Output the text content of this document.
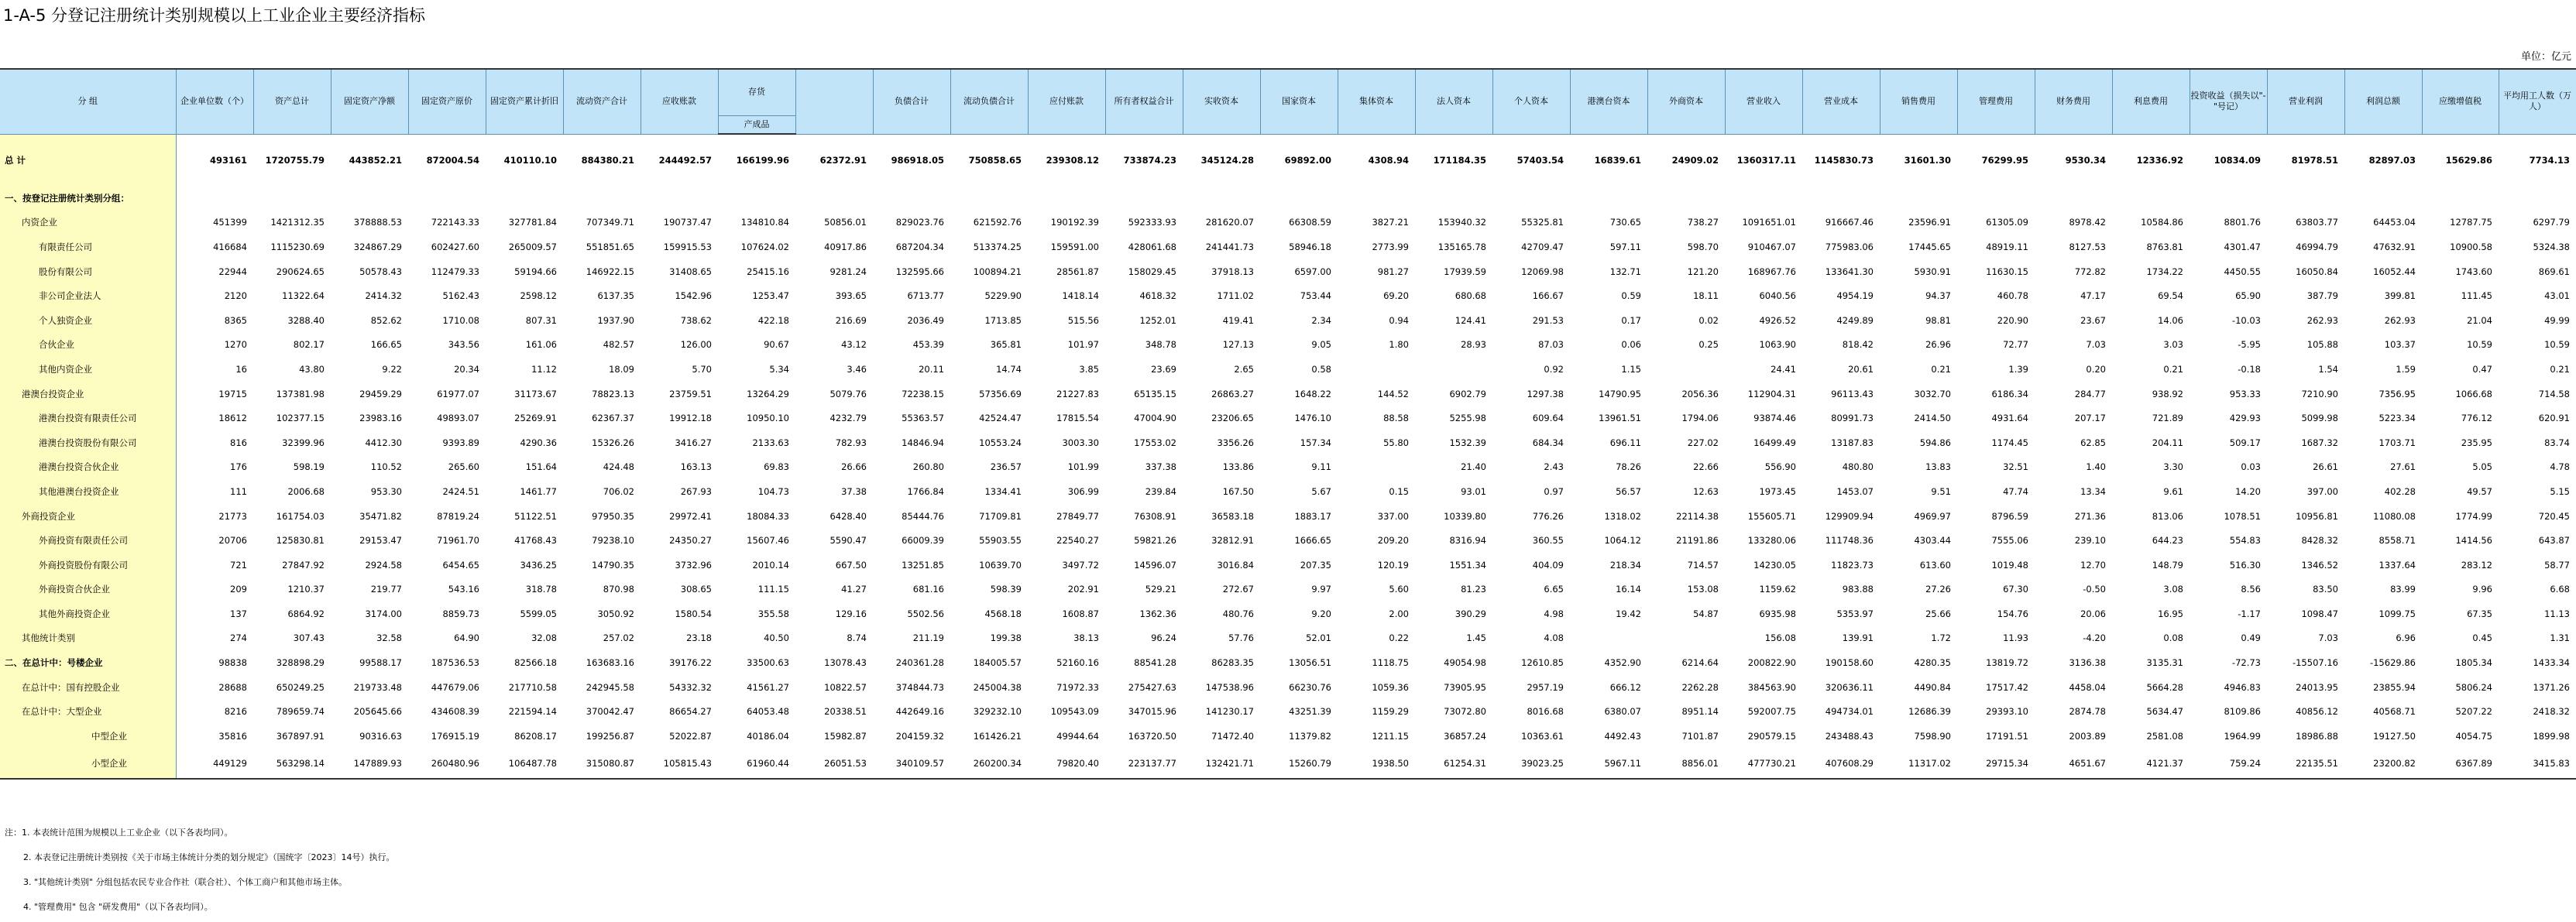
1-A-5 分登记注册统计类别规模以上工业企业主要经济指标
单位：亿元
分 组	企业单位数（个）	资产总计	固定资产净额	固定资产原价	固定资产累计折旧	流动资产合计	应收账款	存货		负债合计	流动负债合计	应付账款	所有者权益合计	实收资本	国家资本	集体资本	法人资本	个人资本	港澳台资本	外商资本	营业收入	营业成本	销售费用	管理费用	财务费用	利息费用	投资收益（损失以"-"号记）	营业利润	利润总额	应缴增值税	平均用工人数（万人）

								产成品																							
总 计	493161	1720755.79	443852.21	872004.54	410110.10	884380.21	244492.57	166199.96	62372.91	986918.05	750858.65	239308.12	733874.23	345124.28	69892.00	4308.94	171184.35	57403.54	16839.61	24909.02	1360317.11	1145830.73	31601.30	76299.95	9530.34	12336.92	10834.09	81978.51	82897.03	15629.86	7734.13
一、按登记注册统计类别分组：																															
内资企业	451399	1421312.35	378888.53	722143.33	327781.84	707349.71	190737.47	134810.84	50856.01	829023.76	621592.76	190192.39	592333.93	281620.07	66308.59	3827.21	153940.32	55325.81	730.65	738.27	1091651.01	916667.46	23596.91	61305.09	8978.42	10584.86	8801.76	63803.77	64453.04	12787.75	6297.79
有限责任公司	416684	1115230.69	324867.29	602427.60	265009.57	551851.65	159915.53	107624.02	40917.86	687204.34	513374.25	159591.00	428061.68	241441.73	58946.18	2773.99	135165.78	42709.47	597.11	598.70	910467.07	775983.06	17445.65	48919.11	8127.53	8763.81	4301.47	46994.79	47632.91	10900.58	5324.38
股份有限公司	22944	290624.65	50578.43	112479.33	59194.66	146922.15	31408.65	25415.16	9281.24	132595.66	100894.21	28561.87	158029.45	37918.13	6597.00	981.27	17939.59	12069.98	132.71	121.20	168967.76	133641.30	5930.91	11630.15	772.82	1734.22	4450.55	16050.84	16052.44	1743.60	869.61
非公司企业法人	2120	11322.64	2414.32	5162.43	2598.12	6137.35	1542.96	1253.47	393.65	6713.77	5229.90	1418.14	4618.32	1711.02	753.44	69.20	680.68	166.67	0.59	18.11	6040.56	4954.19	94.37	460.78	47.17	69.54	65.90	387.79	399.81	111.45	43.01
个人独资企业	8365	3288.40	852.62	1710.08	807.31	1937.90	738.62	422.18	216.69	2036.49	1713.85	515.56	1252.01	419.41	2.34	0.94	124.41	291.53	0.17	0.02	4926.52	4249.89	98.81	220.90	23.67	14.06	-10.03	262.93	262.93	21.04	49.99
合伙企业	1270	802.17	166.65	343.56	161.06	482.57	126.00	90.67	43.12	453.39	365.81	101.97	348.78	127.13	9.05	1.80	28.93	87.03	0.06	0.25	1063.90	818.42	26.96	72.77	7.03	3.03	-5.95	105.88	103.37	10.59	10.59
其他内资企业	16	43.80	9.22	20.34	11.12	18.09	5.70	5.34	3.46	20.11	14.74	3.85	23.69	2.65	0.58			0.92	1.15		24.41	20.61	0.21	1.39	0.20	0.21	-0.18	1.54	1.59	0.47	0.21
港澳台投资企业	19715	137381.98	29459.29	61977.07	31173.67	78823.13	23759.51	13264.29	5079.76	72238.15	57356.69	21227.83	65135.15	26863.27	1648.22	144.52	6902.79	1297.38	14790.95	2056.36	112904.31	96113.43	3032.70	6186.34	284.77	938.92	953.33	7210.90	7356.95	1066.68	714.58
港澳台投资有限责任公司	18612	102377.15	23983.16	49893.07	25269.91	62367.37	19912.18	10950.10	4232.79	55363.57	42524.47	17815.54	47004.90	23206.65	1476.10	88.58	5255.98	609.64	13961.51	1794.06	93874.46	80991.73	2414.50	4931.64	207.17	721.89	429.93	5099.98	5223.34	776.12	620.91
港澳台投资股份有限公司	816	32399.96	4412.30	9393.89	4290.36	15326.26	3416.27	2133.63	782.93	14846.94	10553.24	3003.30	17553.02	3356.26	157.34	55.80	1532.39	684.34	696.11	227.02	16499.49	13187.83	594.86	1174.45	62.85	204.11	509.17	1687.32	1703.71	235.95	83.74
港澳台投资合伙企业	176	598.19	110.52	265.60	151.64	424.48	163.13	69.83	26.66	260.80	236.57	101.99	337.38	133.86	9.11		21.40	2.43	78.26	22.66	556.90	480.80	13.83	32.51	1.40	3.30	0.03	26.61	27.61	5.05	4.78
其他港澳台投资企业	111	2006.68	953.30	2424.51	1461.77	706.02	267.93	104.73	37.38	1766.84	1334.41	306.99	239.84	167.50	5.67	0.15	93.01	0.97	56.57	12.63	1973.45	1453.07	9.51	47.74	13.34	9.61	14.20	397.00	402.28	49.57	5.15
外商投资企业	21773	161754.03	35471.82	87819.24	51122.51	97950.35	29972.41	18084.33	6428.40	85444.76	71709.81	27849.77	76308.91	36583.18	1883.17	337.00	10339.80	776.26	1318.02	22114.38	155605.71	129909.94	4969.97	8796.59	271.36	813.06	1078.51	10956.81	11080.08	1774.99	720.45
外商投资有限责任公司	20706	125830.81	29153.47	71961.70	41768.43	79238.10	24350.27	15607.46	5590.47	66009.39	55903.55	22540.27	59821.26	32812.91	1666.65	209.20	8316.94	360.55	1064.12	21191.86	133280.06	111748.36	4303.44	7555.06	239.10	644.23	554.83	8428.32	8558.71	1414.56	643.87
外商投资股份有限公司	721	27847.92	2924.58	6454.65	3436.25	14790.35	3732.96	2010.14	667.50	13251.85	10639.70	3497.72	14596.07	3016.84	207.35	120.19	1551.34	404.09	218.34	714.57	14230.05	11823.73	613.60	1019.48	12.70	148.79	516.30	1346.52	1337.64	283.12	58.77
外商投资合伙企业	209	1210.37	219.77	543.16	318.78	870.98	308.65	111.15	41.27	681.16	598.39	202.91	529.21	272.67	9.97	5.60	81.23	6.65	16.14	153.08	1159.62	983.88	27.26	67.30	-0.50	3.08	8.56	83.50	83.99	9.96	6.68
其他外商投资企业	137	6864.92	3174.00	8859.73	5599.05	3050.92	1580.54	355.58	129.16	5502.56	4568.18	1608.87	1362.36	480.76	9.20	2.00	390.29	4.98	19.42	54.87	6935.98	5353.97	25.66	154.76	20.06	16.95	-1.17	1098.47	1099.75	67.35	11.13
其他统计类别	274	307.43	32.58	64.90	32.08	257.02	23.18	40.50	8.74	211.19	199.38	38.13	96.24	57.76	52.01	0.22	1.45	4.08			156.08	139.91	1.72	11.93	-4.20	0.08	0.49	7.03	6.96	0.45	1.31
二、在总计中：号楼企业	98838	328898.29	99588.17	187536.53	82566.18	163683.16	39176.22	33500.63	13078.43	240361.28	184005.57	52160.16	88541.28	86283.35	13056.51	1118.75	49054.98	12610.85	4352.90	6214.64	200822.90	190158.60	4280.35	13819.72	3136.38	3135.31	-72.73	-15507.16	-15629.86	1805.34	1433.34
在总计中：国有控股企业	28688	650249.25	219733.48	447679.06	217710.58	242945.58	54332.32	41561.27	10822.57	374844.73	245004.38	71972.33	275427.63	147538.96	66230.76	1059.36	73905.95	2957.19	666.12	2262.28	384563.90	320636.11	4490.84	17517.42	4458.04	5664.28	4946.83	24013.95	23855.94	5806.24	1371.26
在总计中：大型企业	8216	789659.74	205645.66	434608.39	221594.14	370042.47	86654.27	64053.48	20338.51	442649.16	329232.10	109543.09	347015.96	141230.17	43251.39	1159.29	73072.80	8016.68	6380.07	8951.14	592007.75	494734.01	12686.39	29393.10	2874.78	5634.47	8109.86	40856.12	40568.71	5207.22	2418.32
中型企业	35816	367897.91	90316.63	176915.19	86208.17	199256.87	52022.87	40186.04	15982.87	204159.32	161426.21	49944.64	163720.50	71472.40	11379.82	1211.15	36857.24	10363.61	4492.43	7101.87	290579.15	243488.43	7598.90	17191.51	2003.89	2581.08	1964.99	18986.88	19127.50	4054.75	1899.98
小型企业	449129	563298.14	147889.93	260480.96	106487.78	315080.87	105815.43	61960.44	26051.53	340109.57	260200.34	79820.40	223137.77	132421.71	15260.79	1938.50	61254.31	39023.25	5967.11	8856.01	477730.21	407608.29	11317.02	29715.34	4651.67	4121.37	759.24	22135.51	23200.82	6367.89	3415.83
注：1. 本表统计范围为规模以上工业企业（以下各表均同）。
2. 本表登记注册统计类别按《关于市场主体统计分类的划分规定》（国统字〔2023〕14号）执行。
3. "其他统计类别" 分组包括农民专业合作社（联合社）、个体工商户和其他市场主体。
4. "管理费用" 包含 "研发费用"（以下各表均同）。
